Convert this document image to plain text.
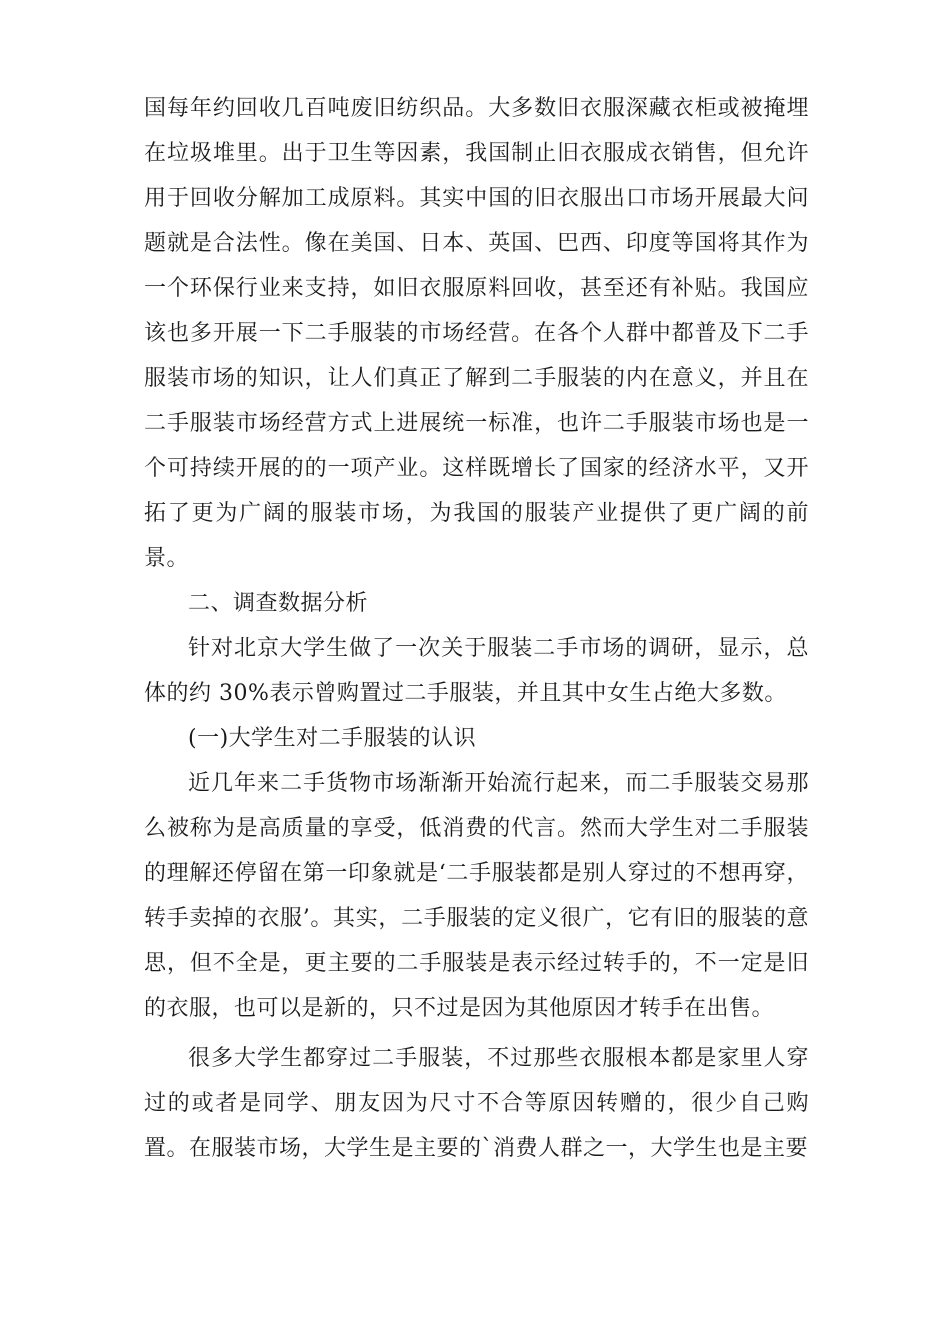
国每年约回收几百吨废旧纺织品。大多数旧衣服深藏衣柜或被掩埋在垃圾堆里。出于卫生等因素，我国制止旧衣服成衣销售，但允许用于回收分解加工成原料。其实中国的旧衣服出口市场开展最大问题就是合法性。像在美国、日本、英国、巴西、印度等国将其作为一个环保行业来支持，如旧衣服原料回收，甚至还有补贴。我国应该也多开展一下二手服装的市场经营。在各个人群中都普及下二手服装市场的知识，让人们真正了解到二手服装的内在意义，并且在二手服装市场经营方式上进展统一标准，也许二手服装市场也是一个可持续开展的的一项产业。这样既增长了国家的经济水平，又开拓了更为广阔的服装市场，为我国的服装产业提供了更广阔的前景。

二、调查数据分析

针对北京大学生做了一次关于服装二手市场的调研，显示，总体的约 30%表示曾购置过二手服装，并且其中女生占绝大多数。

(一)大学生对二手服装的认识

近几年来二手货物市场渐渐开始流行起来，而二手服装交易那么被称为是高质量的享受，低消费的代言。然而大学生对二手服装的理解还停留在第一印象就是‘二手服装都是别人穿过的不想再穿，转手卖掉的衣服’。其实，二手服装的定义很广，它有旧的服装的意思，但不全是，更主要的二手服装是表示经过转手的，不一定是旧的衣服，也可以是新的，只不过是因为其他原因才转手在出售。

很多大学生都穿过二手服装，不过那些衣服根本都是家里人穿过的或者是同学、朋友因为尺寸不合等原因转赠的，很少自己购置。在服装市场，大学生是主要的`消费人群之一，大学生也是主要
